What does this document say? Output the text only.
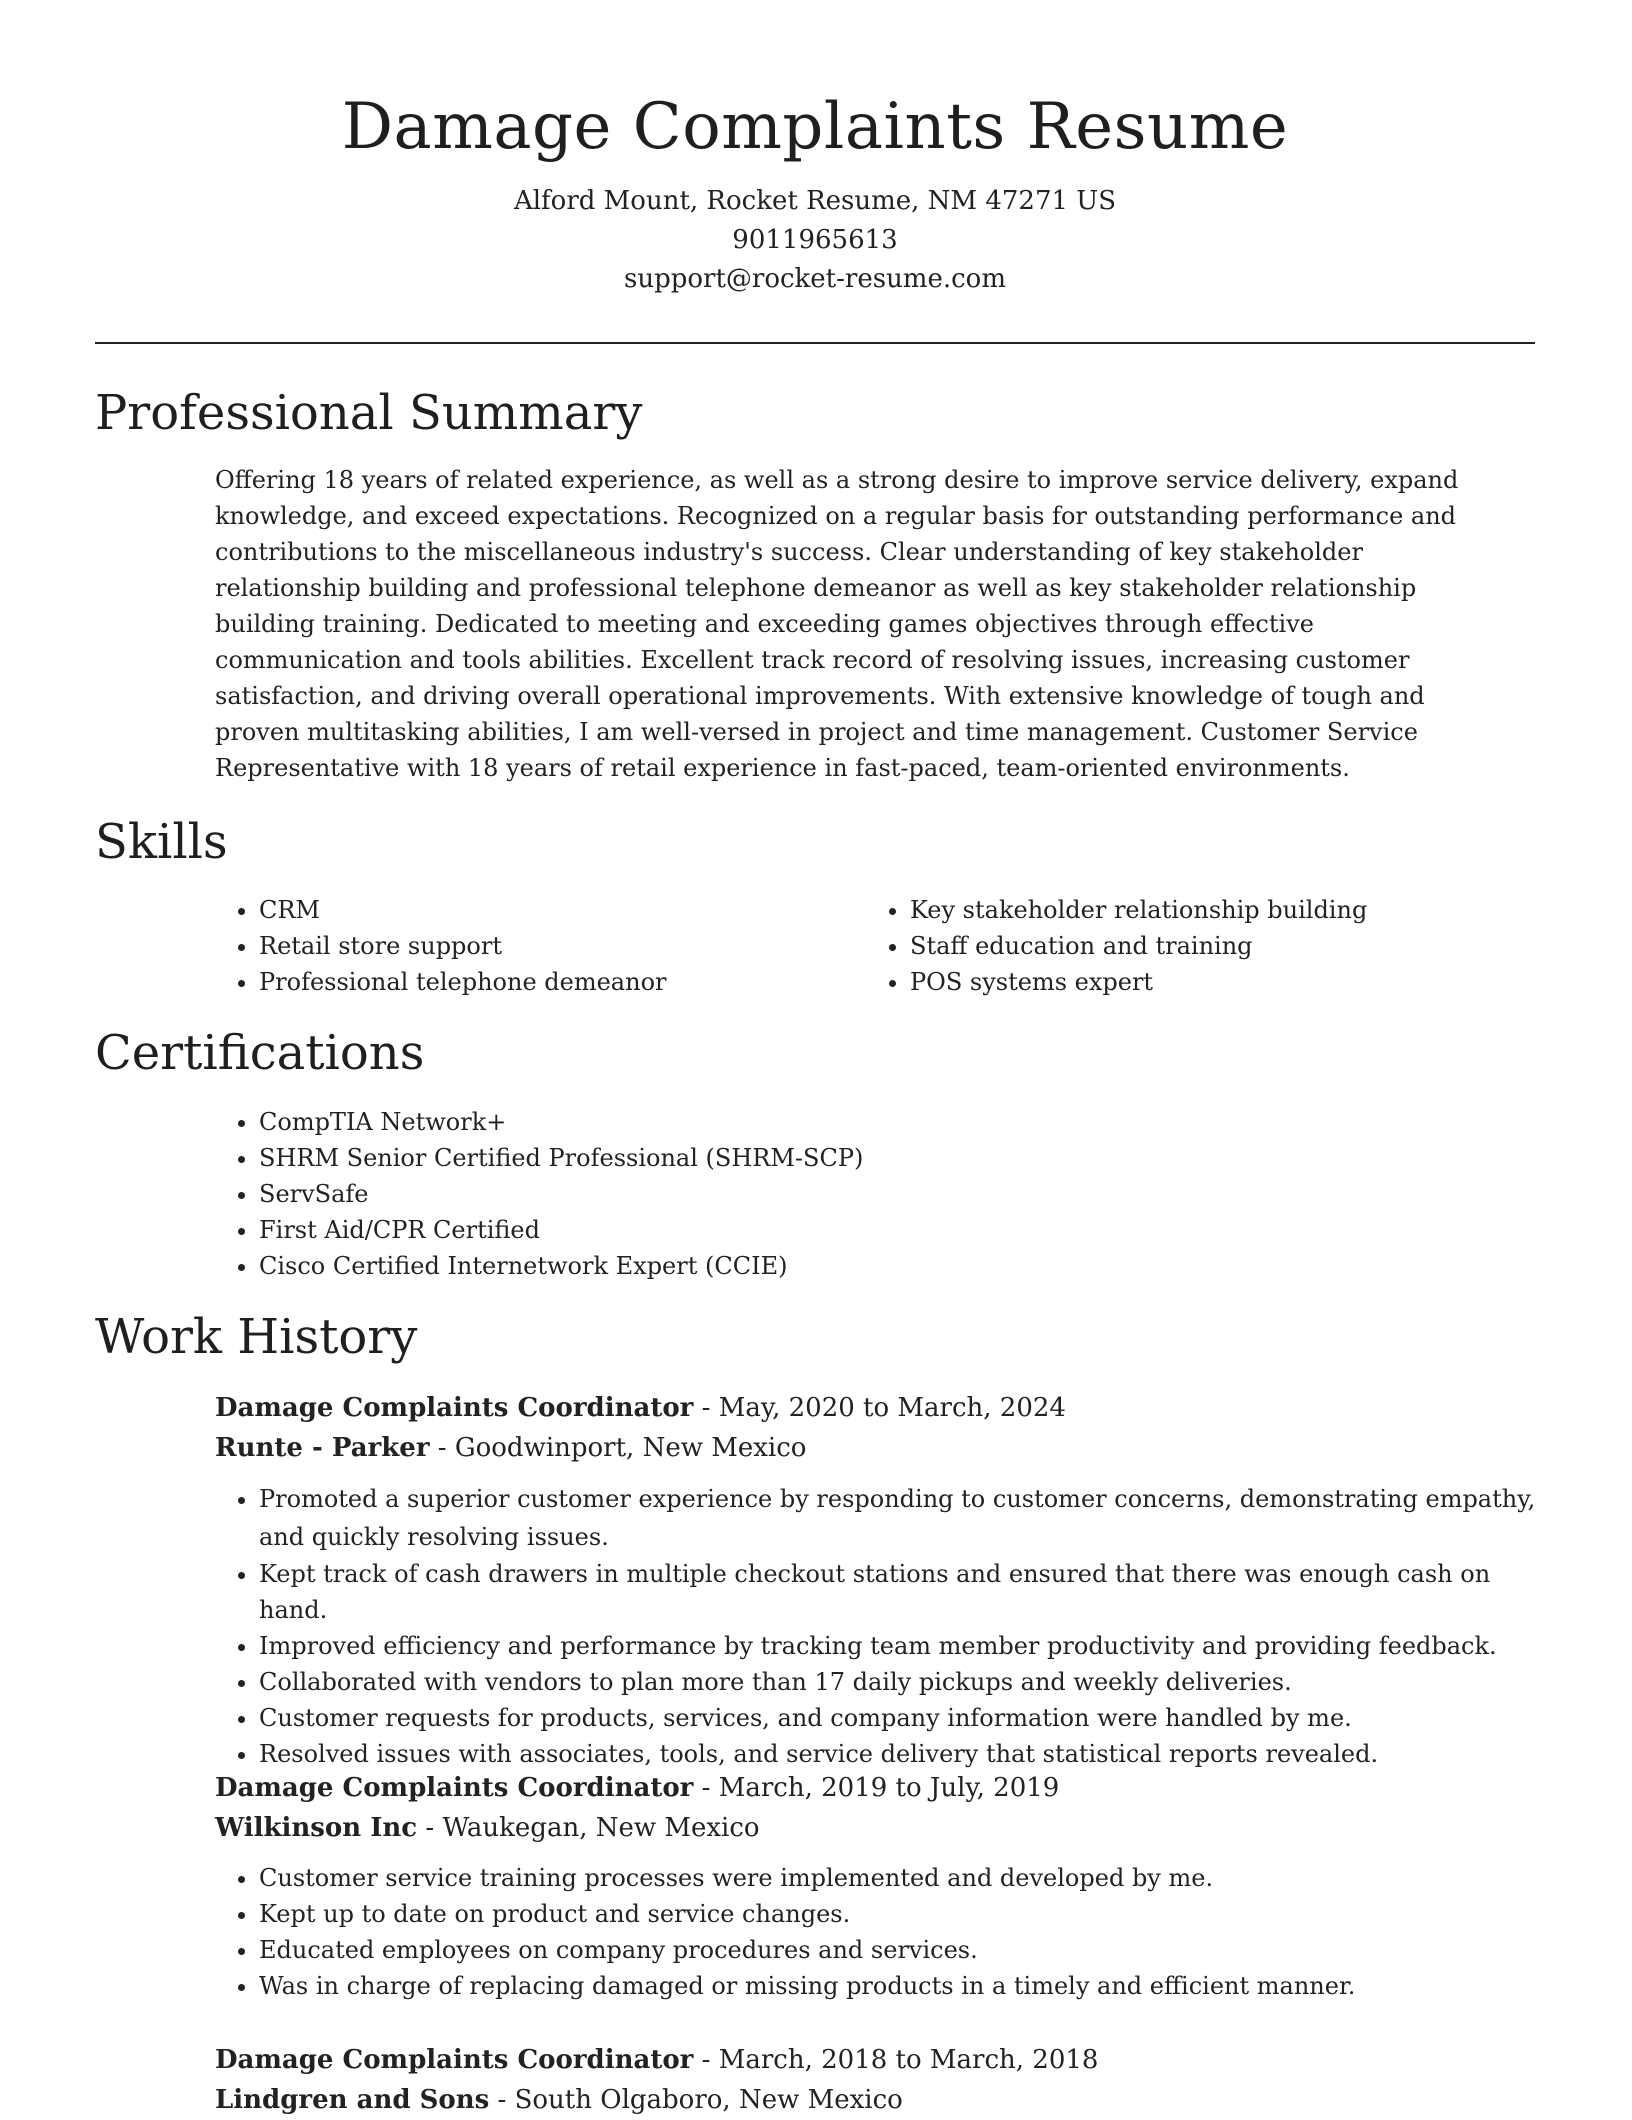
Damage Complaints Resume

Alford Mount, Rocket Resume, NM 47271 US

9011965613

support@rocket-resume.com

Professional Summary

Offering 18 years of related experience, as well as a strong desire to improve service delivery, expand knowledge, and exceed expectations. Recognized on a regular basis for outstanding performance and contributions to the miscellaneous industry's success. Clear understanding of key stakeholder relationship building and professional telephone demeanor as well as key stakeholder relationship building training. Dedicated to meeting and exceeding games objectives through effective communication and tools abilities. Excellent track record of resolving issues, increasing customer satisfaction, and driving overall operational improvements. With extensive knowledge of tough and proven multitasking abilities, I am well-versed in project and time management. Customer Service Representative with 18 years of retail experience in fast-paced, team-oriented environments.

Skills
• CRM
• Retail store support
• Professional telephone demeanor
• Key stakeholder relationship building
• Staff education and training
• POS systems expert
Certifications
• CompTIA Network+
• SHRM Senior Certified Professional (SHRM-SCP)
• ServSafe
• First Aid/CPR Certified
• Cisco Certified Internetwork Expert (CCIE)
Work History

Damage Complaints Coordinator - May, 2020 to March, 2024

Runte - Parker - Goodwinport, New Mexico

• Promoted a superior customer experience by responding to customer concerns, demonstrating empathy, and quickly resolving issues.
• Kept track of cash drawers in multiple checkout stations and ensured that there was enough cash on hand.
• Improved efficiency and performance by tracking team member productivity and providing feedback.
• Collaborated with vendors to plan more than 17 daily pickups and weekly deliveries.
• Customer requests for products, services, and company information were handled by me.
• Resolved issues with associates, tools, and service delivery that statistical reports revealed.

Damage Complaints Coordinator - March, 2019 to July, 2019

Wilkinson Inc - Waukegan, New Mexico

• Customer service training processes were implemented and developed by me.
• Kept up to date on product and service changes.
• Educated employees on company procedures and services.
• Was in charge of replacing damaged or missing products in a timely and efficient manner.

Damage Complaints Coordinator - March, 2018 to March, 2018

Lindgren and Sons - South Olgaboro, New Mexico
